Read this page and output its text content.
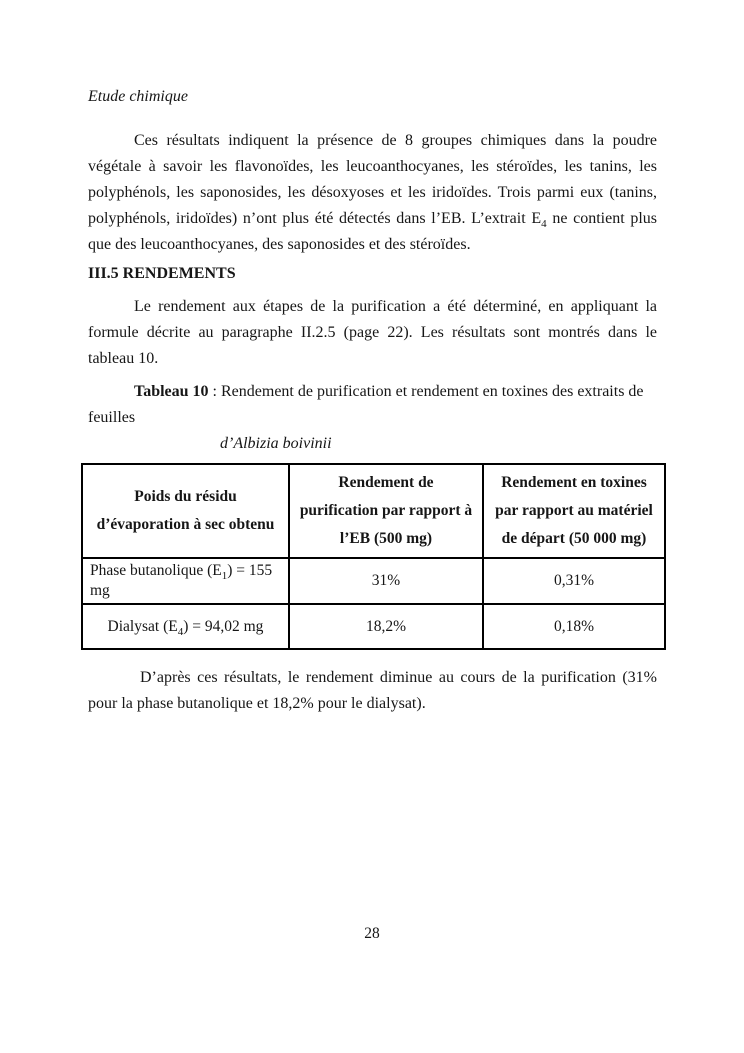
Etude chimique

Ces résultats indiquent la présence de 8 groupes chimiques dans la poudre végétale à savoir les flavonoïdes, les leucoanthocyanes, les stéroïdes, les tanins, les polyphénols, les saponosides, les désoxyoses et les iridoïdes. Trois parmi eux (tanins, polyphénols, iridoïdes) n’ont plus été détectés dans l’EB. L’extrait $E_4$ ne contient plus que des leucoanthocyanes, des saponosides et des stéroïdes.

III.5 RENDEMENTS

Le rendement aux étapes de la purification a été déterminé, en appliquant la formule décrite au paragraphe II.2.5 (page 22). Les résultats sont montrés dans le tableau 10.

Tableau 10 : Rendement de purification et rendement en toxines des extraits de feuilles
d’Albizia boivinii
Poids du résidu d’évaporation à sec obtenu	Rendement de purification par rapport à l’EB (500 mg)	Rendement en toxines par rapport au matériel de départ (50 000 mg)
Phase butanolique $(E_1) = 155$ mg	31%	0,31%
Dialysat $(E_4) = 94,02$ mg	18,2%	0,18%

D’après ces résultats, le rendement diminue au cours de la purification (31% pour la phase butanolique et 18,2% pour le dialysat).

28
